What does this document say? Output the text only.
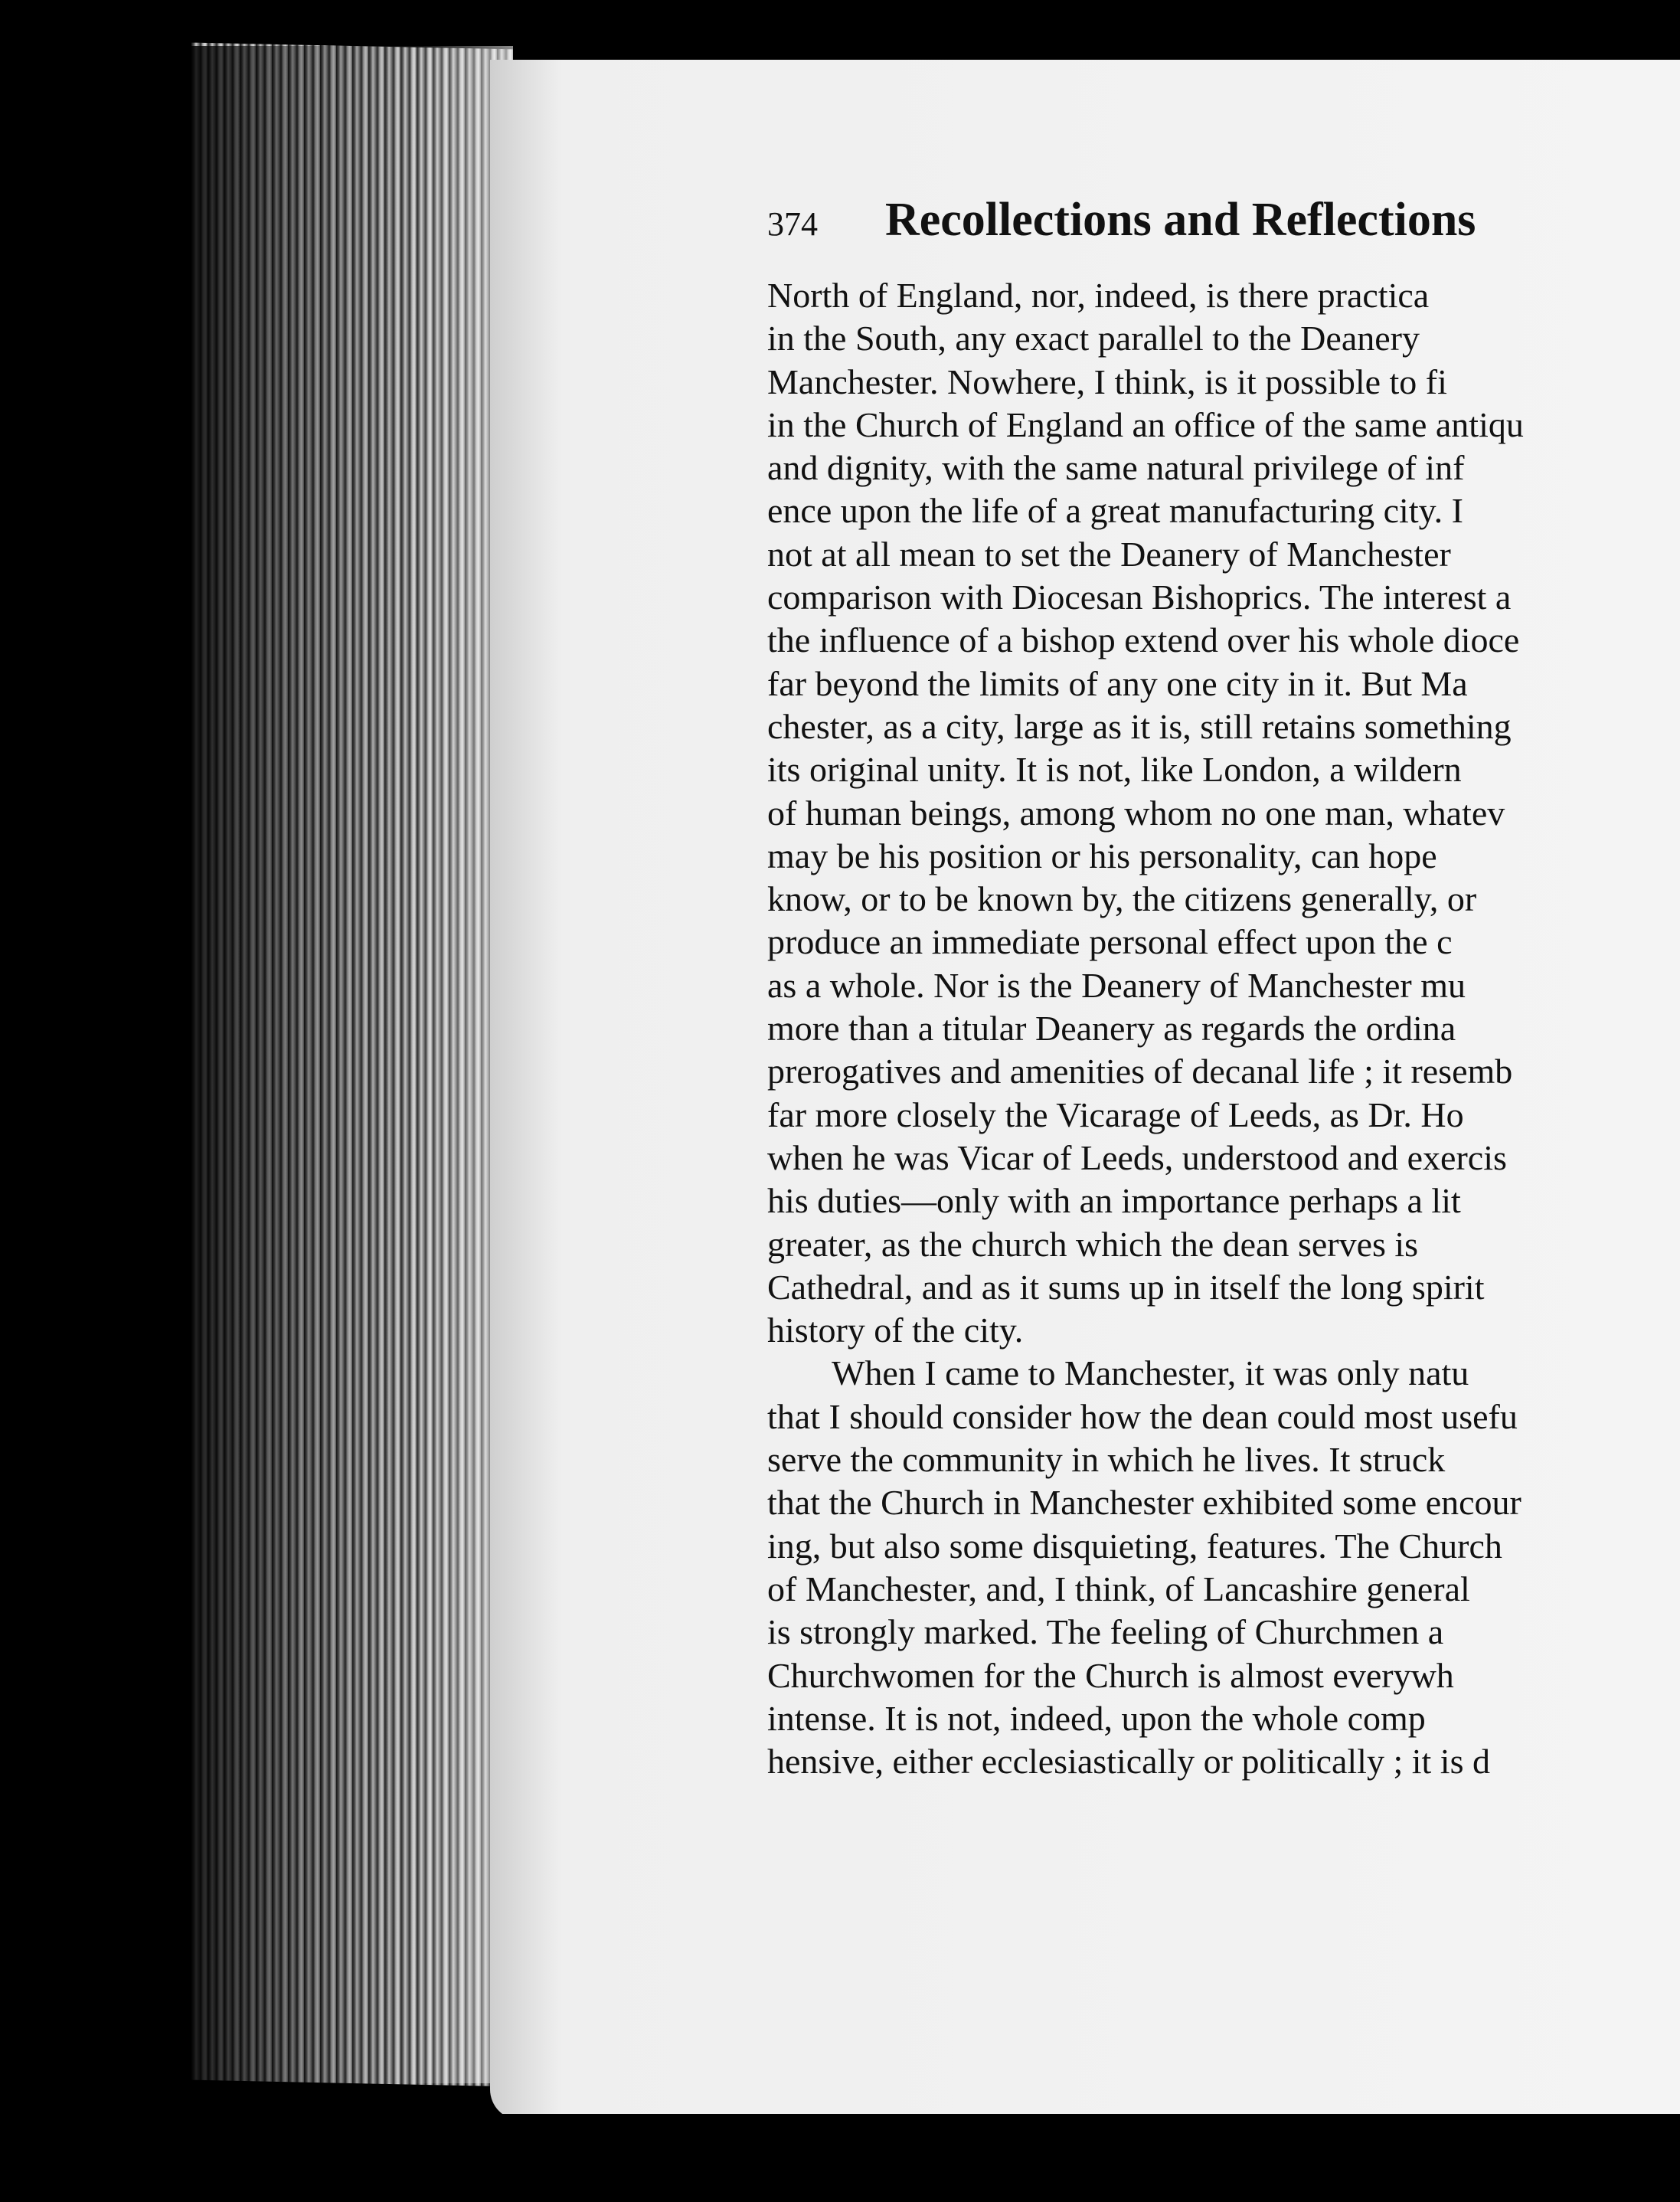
374 Recollections and Reflections
North of England, nor, indeed, is there practica
in the South, any exact parallel to the Deanery
Manchester. Nowhere, I think, is it possible to fi
in the Church of England an office of the same antiqu
and dignity, with the same natural privilege of inf
ence upon the life of a great manufacturing city. I
not at all mean to set the Deanery of Manchester
comparison with Diocesan Bishoprics. The interest a
the influence of a bishop extend over his whole dioce
far beyond the limits of any one city in it. But Ma
chester, as a city, large as it is, still retains something
its original unity. It is not, like London, a wildern
of human beings, among whom no one man, whatev
may be his position or his personality, can hope
know, or to be known by, the citizens generally, or
produce an immediate personal effect upon the c
as a whole. Nor is the Deanery of Manchester mu
more than a titular Deanery as regards the ordina
prerogatives and amenities of decanal life ; it resemb
far more closely the Vicarage of Leeds, as Dr. Ho
when he was Vicar of Leeds, understood and exercis
his duties—only with an importance perhaps a lit
greater, as the church which the dean serves is
Cathedral, and as it sums up in itself the long spirit
history of the city.
When I came to Manchester, it was only natu
that I should consider how the dean could most usefu
serve the community in which he lives. It struck
that the Church in Manchester exhibited some encour
ing, but also some disquieting, features. The Church
of Manchester, and, I think, of Lancashire general
is strongly marked. The feeling of Churchmen a
Churchwomen for the Church is almost everywh
intense. It is not, indeed, upon the whole comp
hensive, either ecclesiastically or politically ; it is d
